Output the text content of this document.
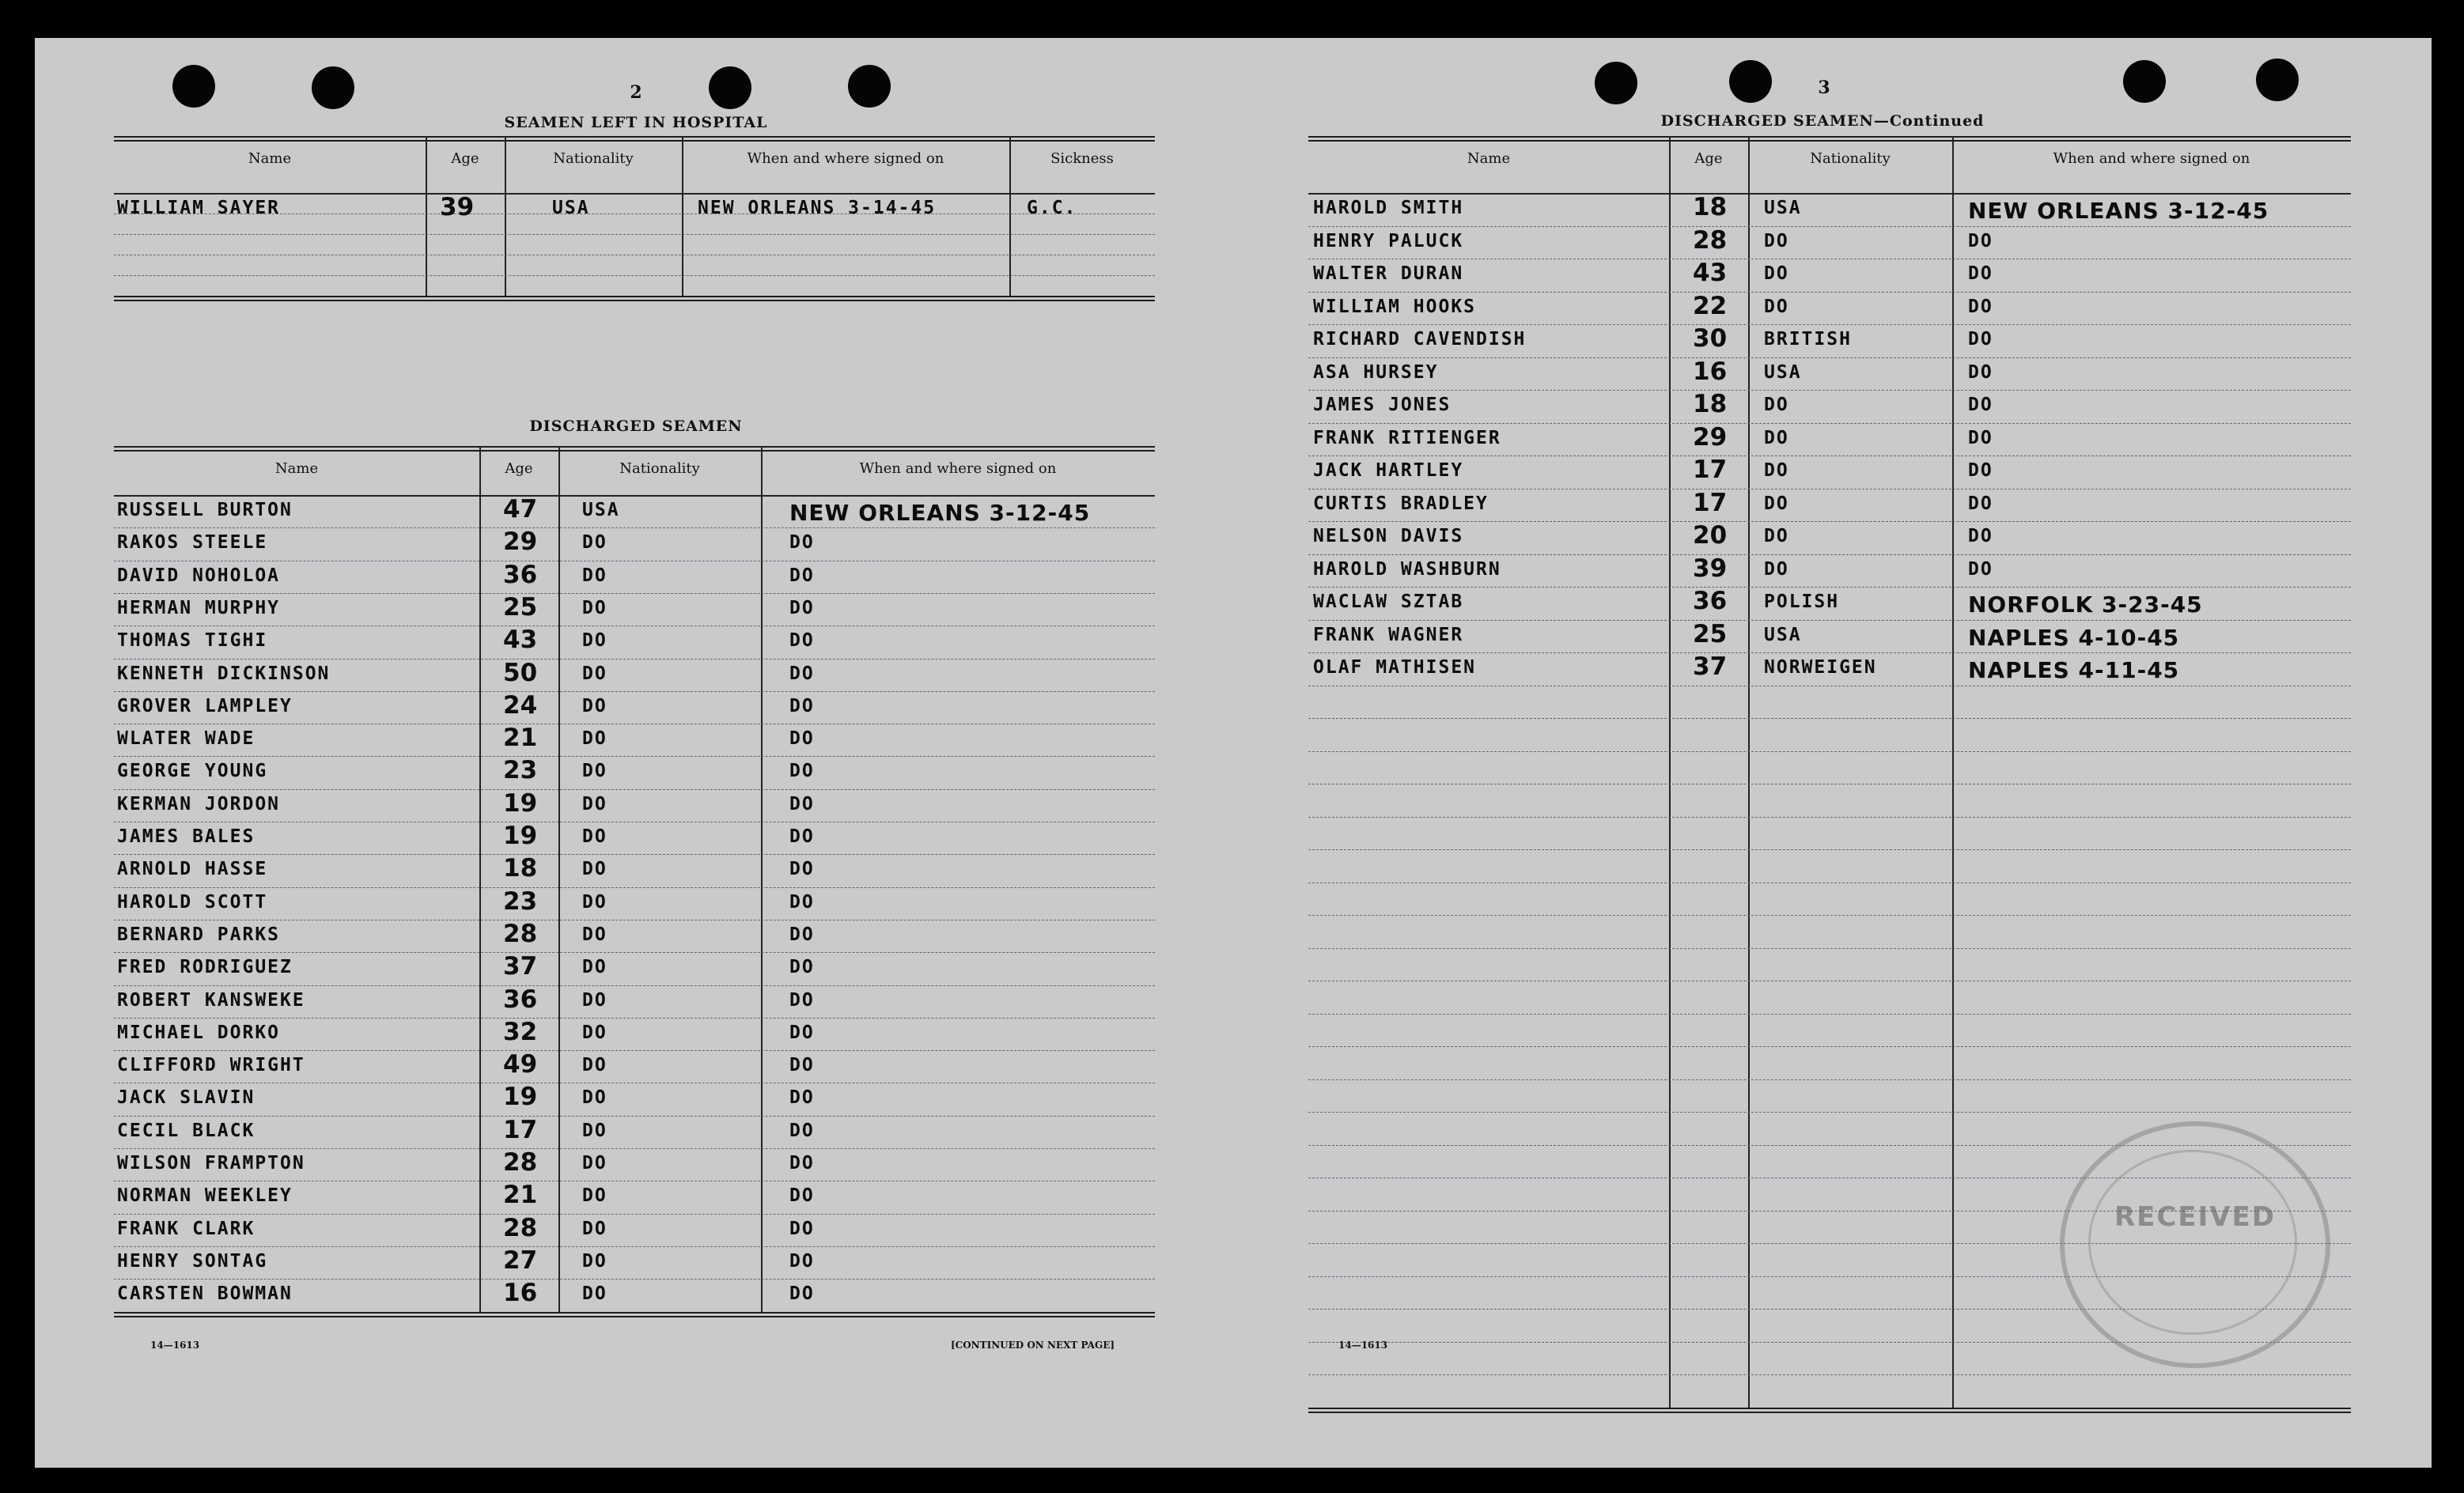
2
SEAMEN LEFT IN HOSPITAL
Name	Age	Nationality	When and where signed on	Sickness
WILLIAM SAYER	39	USA	NEW ORLEANS 3-14-45	G.C.
DISCHARGED SEAMEN
Name	Age	Nationality	When and where signed on
RUSSELL BURTON	47 USA	NEW ORLEANS 3-12-45
RAKOS STEELE	29 DO	DO
DAVID NOHOLOA	36 DO	DO
HERMAN MURPHY	25 DO	DO
THOMAS TIGHI	43 DO	DO
KENNETH DICKINSON	50 DO	DO
GROVER LAMPLEY	24 DO	DO
WLATER WADE	21 DO	DO
GEORGE YOUNG	23 DO	DO
KERMAN JORDON	19 DO	DO
JAMES BALES	19 DO	DO
ARNOLD HASSE	18 DO	DO
HAROLD SCOTT	23 DO	DO
BERNARD PARKS	28 DO	DO
FRED RODRIGUEZ	37 DO	DO
ROBERT KANSWEKE	36 DO	DO
MICHAEL DORKO	32 DO	DO
CLIFFORD WRIGHT	49 DO	DO
JACK SLAVIN	19 DO	DO
CECIL BLACK	17 DO	DO
WILSON FRAMPTON	28 DO	DO
NORMAN WEEKLEY	21 DO	DO
FRANK CLARK	28 DO	DO
HENRY SONTAG	27 DO	DO
CARSTEN BOWMAN	16 DO	DO
14—1613	[CONTINUED ON NEXT PAGE]
3
DISCHARGED SEAMEN—Continued
Name	Age	Nationality	When and where signed on
HAROLD SMITH	18 USA	NEW ORLEANS 3-12-45
HENRY PALUCK	28 DO	DO
WALTER DURAN	43 DO	DO
WILLIAM HOOKS	22 DO	DO
RICHARD CAVENDISH	30 BRITISH	DO
ASA HURSEY	16 USA	DO
JAMES JONES	18 DO	DO
FRANK RITIENGER	29 DO	DO
JACK HARTLEY	17 DO	DO
CURTIS BRADLEY	17 DO	DO
NELSON DAVIS	20 DO	DO
HAROLD WASHBURN	39 DO	DO
WACLAW SZTAB	36 POLISH	NORFOLK 3-23-45
FRANK WAGNER	25 USA	NAPLES 4-10-45
OLAF MATHISEN	37 NORWEIGEN	NAPLES 4-11-45
14—1613
RECEIVED
